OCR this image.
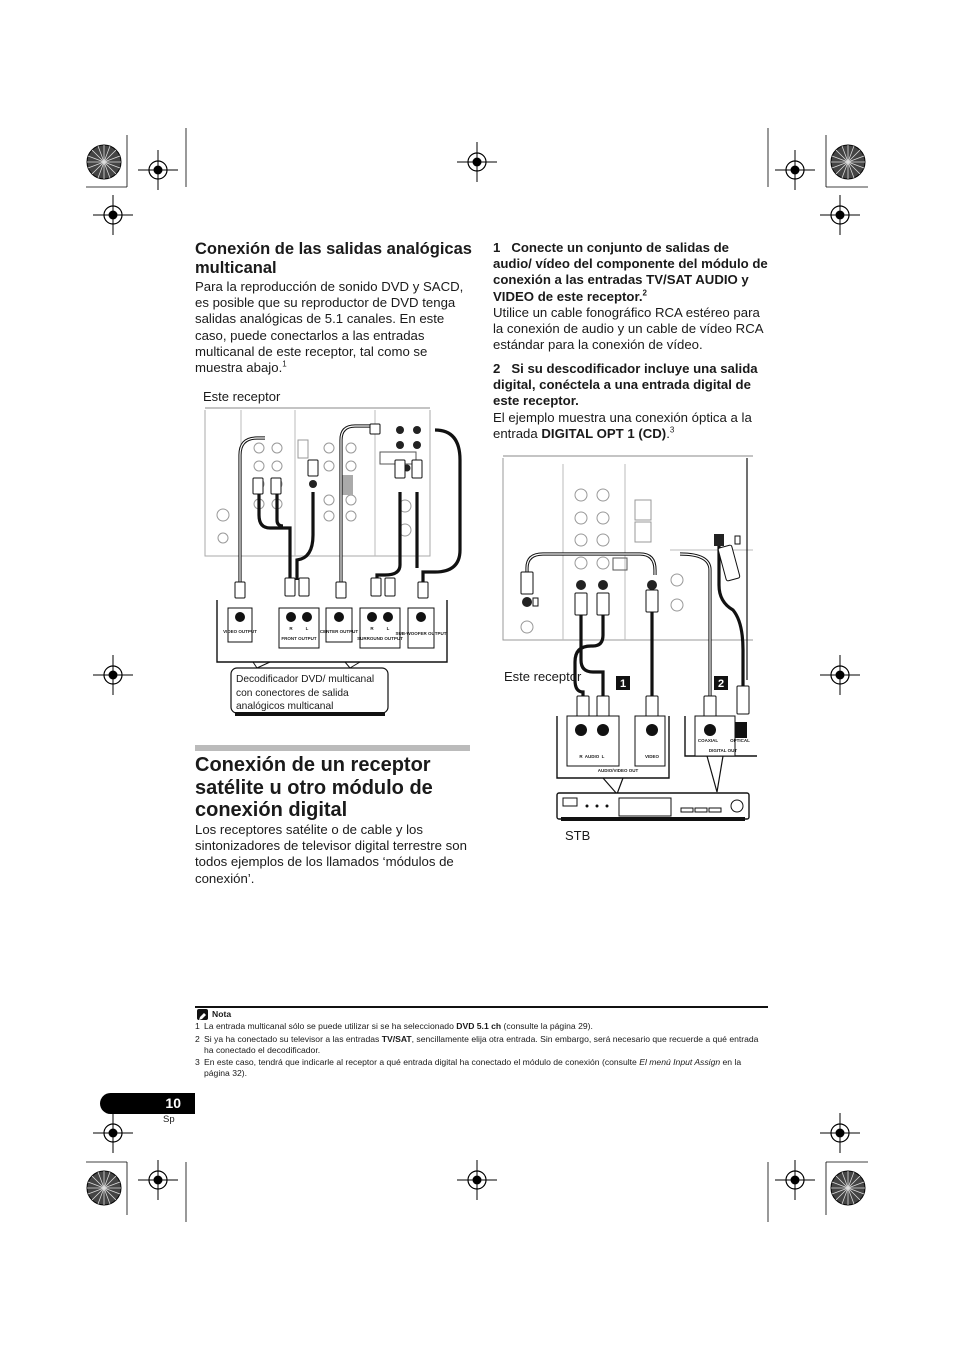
Conexión de las salidas analógicas multicanal
Para la reproducción de sonido DVD y SACD, es posible que su reproductor de DVD tenga salidas analógicas de 5.1 canales. En este caso, puede conectarlos a las entradas multicanal de este receptor, tal como se muestra abajo.$^1$
Este receptor
VIDEO OUTPUT
R	L
FRONT OUTPUT
CENTER OUTPUT
R	L
SURROUND OUTPUT
SUB-WOOFER OUTPUT
Decodificador DVD/ multicanal con conectores de salida analógicos multicanal
Conexión de un receptor satélite u otro módulo de conexión digital
Los receptores satélite o de cable y los sintonizadores de televisor digital terrestre son todos ejemplos de los llamados ‘módulos de conexión’.
1 Conecte un conjunto de salidas de audio/ vídeo del componente del módulo de conexión a las entradas TV/SAT AUDIO y VIDEO de este receptor.$^2$
Utilice un cable fonográfico RCA estéreo para la conexión de audio y un cable de vídeo RCA estándar para la conexión de vídeo.
2 Si su descodificador incluye una salida digital, conéctela a una entrada digital de este receptor.
El ejemplo muestra una conexión óptica a la entrada DIGITAL OPT 1 (CD).$^3$
1	2
R AUDIO L	VIDEO
AUDIO/VIDEO OUT
COAXIAL	OPTICAL
DIGITAL OUT
Este receptor
STB
Nota
1 La entrada multicanal sólo se puede utilizar si se ha seleccionado DVD 5.1 ch (consulte la página 29).
2 Si ya ha conectado su televisor a las entradas TV/SAT, sencillamente elija otra entrada. Sin embargo, será necesario que recuerde a qué entrada ha conectado el decodificador.
3 En este caso, tendrá que indicarle al receptor a qué entrada digital ha conectado el módulo de conexión (consulte El menú Input Assign en la página 32).
10
Sp
